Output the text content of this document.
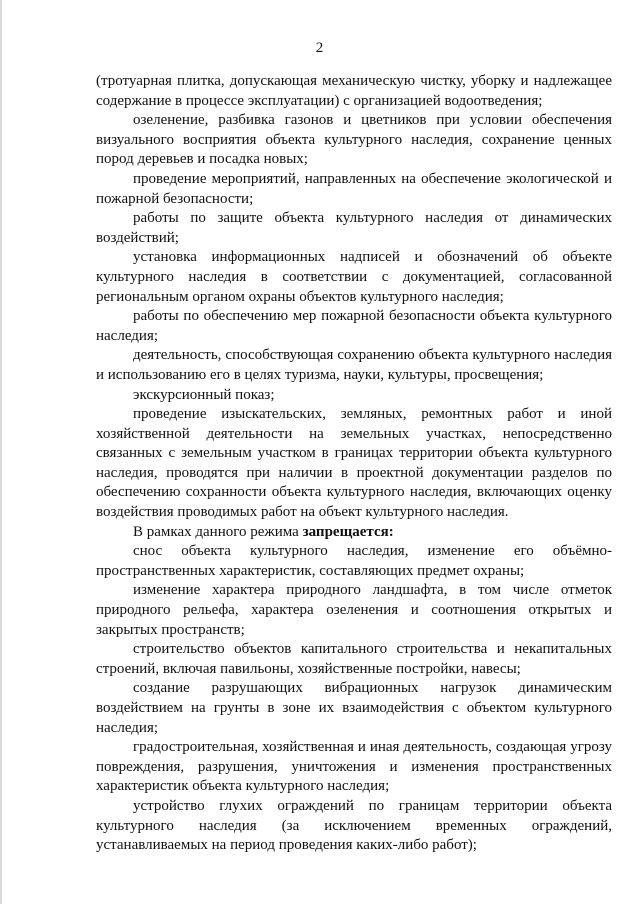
2

(тротуарная плитка, допускающая механическую чистку, уборку и надлежащее содержание в процессе эксплуатации) с организацией водоотведения;

озеленение, разбивка газонов и цветников при условии обеспечения визуального восприятия объекта культурного наследия, сохранение ценных пород деревьев и посадка новых;

проведение мероприятий, направленных на обеспечение экологической и пожарной безопасности;

работы по защите объекта культурного наследия от динамических воздействий;

установка информационных надписей и обозначений об объекте культурного наследия в соответствии с документацией, согласованной региональным органом охраны объектов культурного наследия;

работы по обеспечению мер пожарной безопасности объекта культурного наследия;

деятельность, способствующая сохранению объекта культурного наследия и использованию его в целях туризма, науки, культуры, просвещения;

экскурсионный показ;

проведение изыскательских, земляных, ремонтных работ и иной хозяйственной деятельности на земельных участках, непосредственно связанных с земельным участком в границах территории объекта культурного наследия, проводятся при наличии в проектной документации разделов по обеспечению сохранности объекта культурного наследия, включающих оценку воздействия проводимых работ на объект культурного наследия.

В рамках данного режима запрещается:

снос объекта культурного наследия, изменение его объёмно-пространственных характеристик, составляющих предмет охраны;

изменение характера природного ландшафта, в том числе отметок природного рельефа, характера озеленения и соотношения открытых и закрытых пространств;

строительство объектов капитального строительства и некапитальных строений, включая павильоны, хозяйственные постройки, навесы;

создание разрушающих вибрационных нагрузок динамическим воздействием на грунты в зоне их взаимодействия с объектом культурного наследия;

градостроительная, хозяйственная и иная деятельность, создающая угрозу повреждения, разрушения, уничтожения и изменения пространственных характеристик объекта культурного наследия;

устройство глухих ограждений по границам территории объекта культурного наследия (за исключением временных ограждений, устанавливаемых на период проведения каких-либо работ);
